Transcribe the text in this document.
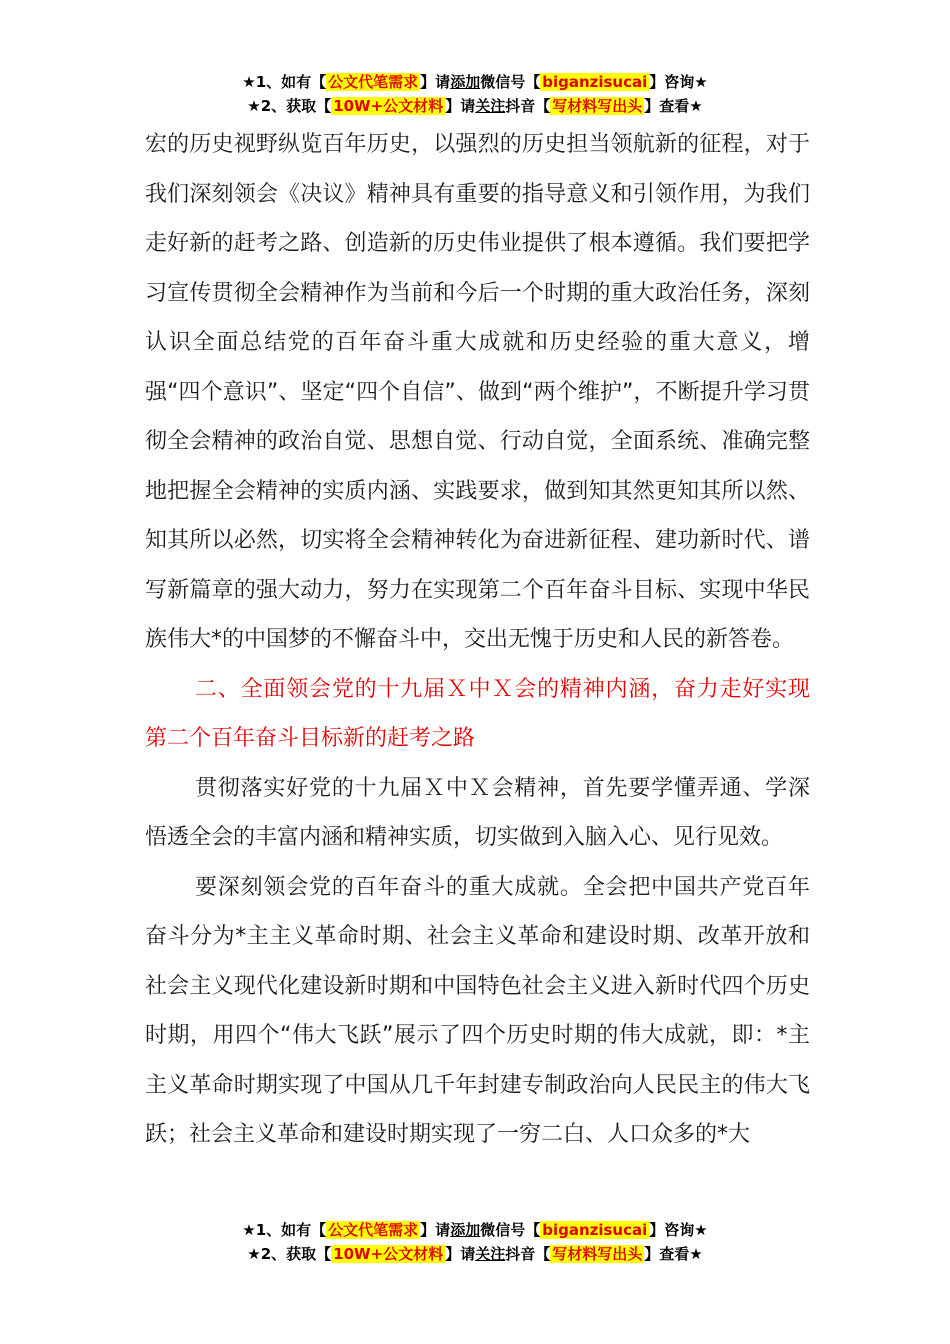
★1、如有【 公文代笔需求 】请添加微信号【 biganzisucai 】咨询★
★2、获取【 10W+公文材料 】请关注抖音【 写材料写出头 】查看★

宏的历史视野纵览百年历史，以强烈的历史担当领航新的征程，对于我们深刻领会《决议》精神具有重要的指导意义和引领作用，为我们走好新的赶考之路、创造新的历史伟业提供了根本遵循。我们要把学习宣传贯彻全会精神作为当前和今后一个时期的重大政治任务，深刻认识全面总结党的百年奋斗重大成就和历史经验的重大意义，增强“四个意识”、坚定“四个自信”、做到“两个维护”，不断提升学习贯彻全会精神的政治自觉、思想自觉、行动自觉，全面系统、准确完整地把握全会精神的实质内涵、实践要求，做到知其然更知其所以然、知其所以必然，切实将全会精神转化为奋进新征程、建功新时代、谱写新篇章的强大动力，努力在实现第二个百年奋斗目标、实现中华民族伟大*的中国梦的不懈奋斗中，交出无愧于历史和人民的新答卷。

二、全面领会党的十九届Ｘ中Ｘ会的精神内涵，奋力走好实现第二个百年奋斗目标新的赶考之路

贯彻落实好党的十九届Ｘ中Ｘ会精神，首先要学懂弄通、学深悟透全会的丰富内涵和精神实质，切实做到入脑入心、见行见效。

要深刻领会党的百年奋斗的重大成就。全会把中国共产党百年奋斗分为*主主义革命时期、社会主义革命和建设时期、改革开放和社会主义现代化建设新时期和中国特色社会主义进入新时代四个历史时期，用四个“伟大飞跃”展示了四个历史时期的伟大成就，即：*主主义革命时期实现了中国从几千年封建专制政治向人民民主的伟大飞跃；社会主义革命和建设时期实现了一穷二白、人口众多的*大

★1、如有【 公文代笔需求 】请添加微信号【 biganzisucai 】咨询★
★2、获取【 10W+公文材料 】请关注抖音【 写材料写出头 】查看★
